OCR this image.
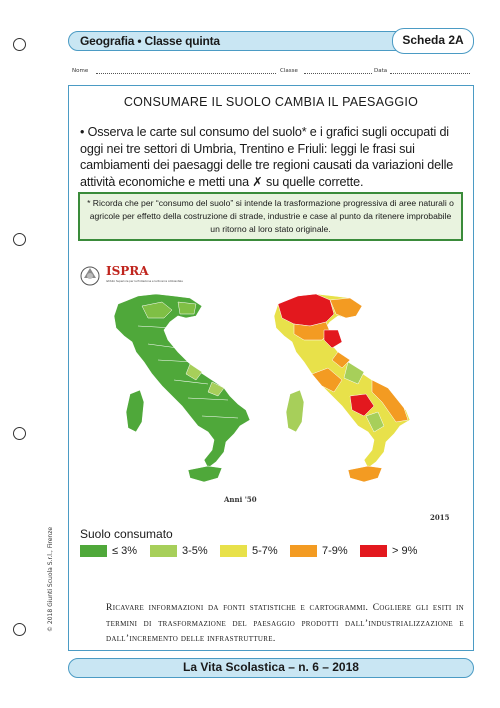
Geografia • Classe quinta	Scheda 2A
Nome	Classe	Data
CONSUMARE IL SUOLO CAMBIA IL PAESAGGIO
• Osserva le carte sul consumo del suolo* e i grafici sugli occupati di oggi nei tre settori di Umbria, Trentino e Friuli: leggi le frasi sui cambiamenti dei paesaggi delle tre regioni causati da variazioni delle attività economiche e metti una ✗ su quelle corrette.
* Ricorda che per “consumo del suolo” si intende la trasformazione progressiva di aree naturali o agricole per effetto della costruzione di strade, industrie e case al punto da ritenere improbabile un ritorno al loro stato originale.
© 2018 Giunti Scuola S.r.l., Firenze
ISPRA
Istituto Superiore per la Protezione e la Ricerca Ambientale
Anni '50
2015
Suolo consumato
≤ 3%	3-5%	5-7%	7-9%	> 9%
Ricavare informazioni da fonti statistiche e cartogrammi. Cogliere gli esiti in termini di trasformazione del paesaggio prodotti dall’industrializzazione e dall’incremento delle infrastrutture.
La Vita Scolastica – n. 6 – 2018
